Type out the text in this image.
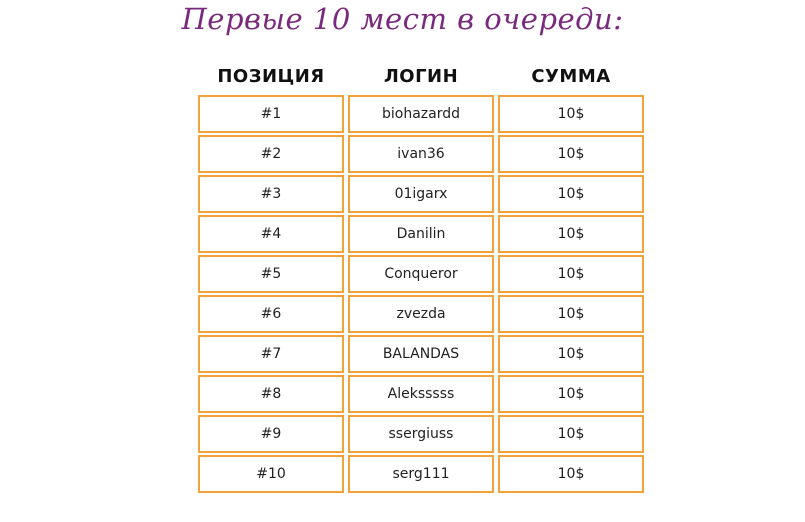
Первые 10 мест в очереди:
ПОЗИЦИЯ	ЛОГИН	СУММА
#1	biohazardd	10$
#2	ivan36	10$
#3	01igarx	10$
#4	Danilin	10$
#5	Conqueror	10$
#6	zvezda	10$
#7	BALANDAS	10$
#8	Aleksssss	10$
#9	ssergiuss	10$
#10	serg111	10$
